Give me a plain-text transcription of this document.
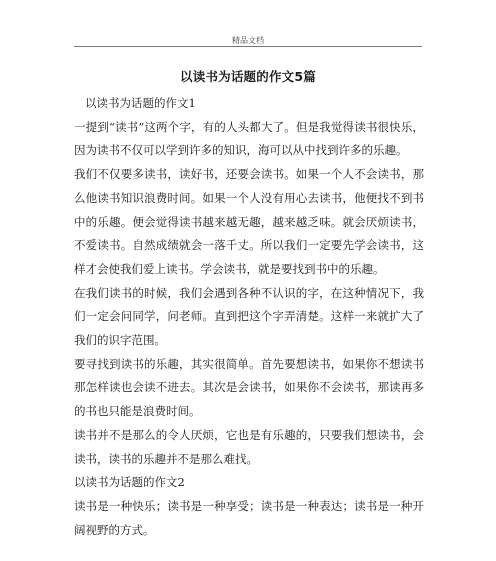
精品文档
以读书为话题的作文5篇

以读书为话题的作文1

一提到“读书”这两个字，有的人头都大了。但是我觉得读书很快乐，因为读书不仅可以学到许多的知识，海可以从中找到许多的乐趣。

我们不仅要多读书，读好书，还要会读书。如果一个人不会读书，那么他读书知识浪费时间。如果一个人没有用心去读书，他便找不到书中的乐趣。便会觉得读书越来越无趣，越来越乏味。就会厌烦读书，不爱读书。自然成绩就会一落千丈。所以我们一定要先学会读书，这样才会使我们爱上读书。学会读书，就是要找到书中的乐趣。

在我们读书的时候，我们会遇到各种不认识的字，在这种情况下，我们一定会问同学，问老师。直到把这个字弄清楚。这样一来就扩大了我们的识字范围。

要寻找到读书的乐趣，其实很简单。首先要想读书，如果你不想读书那怎样读也会读不进去。其次是会读书，如果你不会读书，那读再多的书也只能是浪费时间。

读书并不是那么的令人厌烦，它也是有乐趣的，只要我们想读书，会读书，读书的乐趣并不是那么难找。

以读书为话题的作文2

读书是一种快乐；读书是一种享受；读书是一种表达；读书是一种开阔视野的方式。
